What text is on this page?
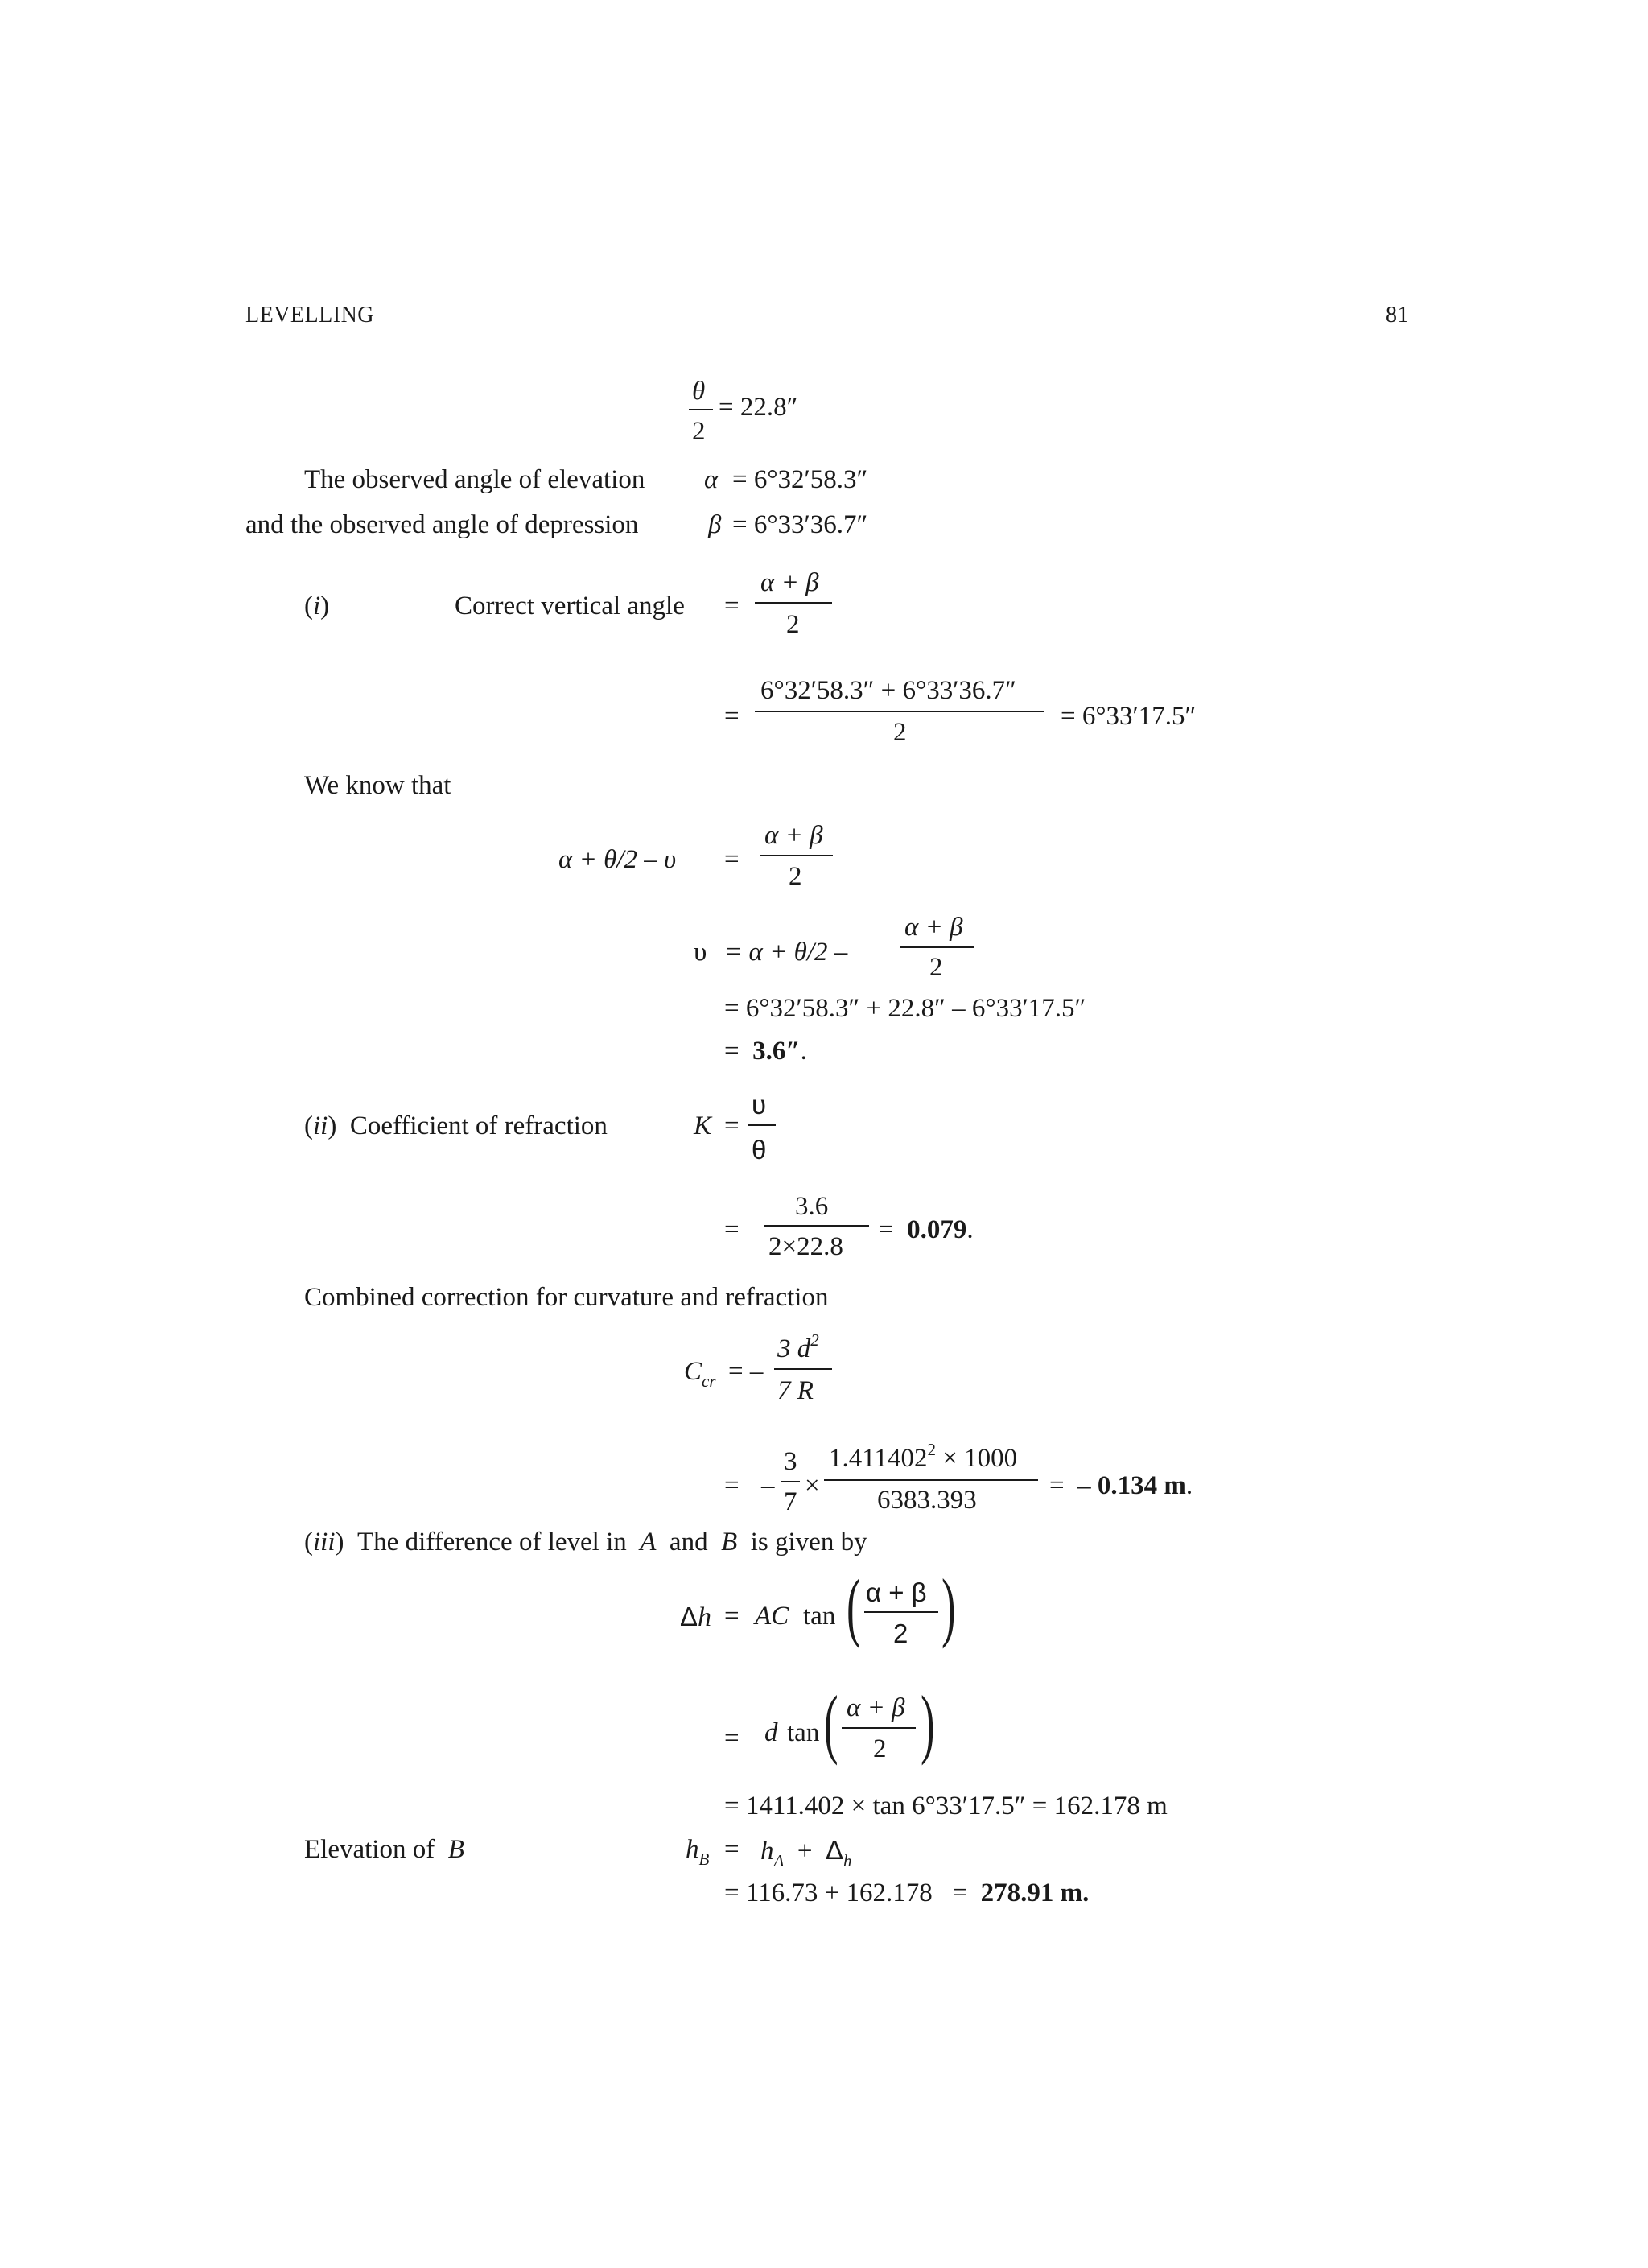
LEVELLING	81
θ
2
= 22.8″
The observed angle of elevation α = 6°32′58.3″
and the observed angle of depression	β = 6°33′36.7″
(i)	Correct vertical angle =
α + β
2
=
6°32′58.3″ + 6°33′36.7″
2
= 6°33′17.5″
We know that
α + θ/2 – υ =
α + β
2
υ = α + θ/2 –
α + β
2
= 6°32′58.3″ + 22.8″ – 6°33′17.5″
= 3.6″.
(ii)  Coefficient of refraction	K =
υ
θ
=
3.6
2×22.8
= 0.079.
Combined correction for curvature and refraction
$C_{cr}$ = –
3 $d^2$
7 R
= –
3
7
×
$1.411402^2 \times 1000$
6383.393	= – 0.134 m.
(iii)  The difference of level in A and B is given by
Δh = AC tan ( α + β
2 )
= d tan ( α + β
2 )
= 1411.402 × tan 6°33′17.5″ = 162.178 m
Elevation of B	$h_B = h_A + \Delta_h$
= 116.73 + 162.178 = 278.91 m.
